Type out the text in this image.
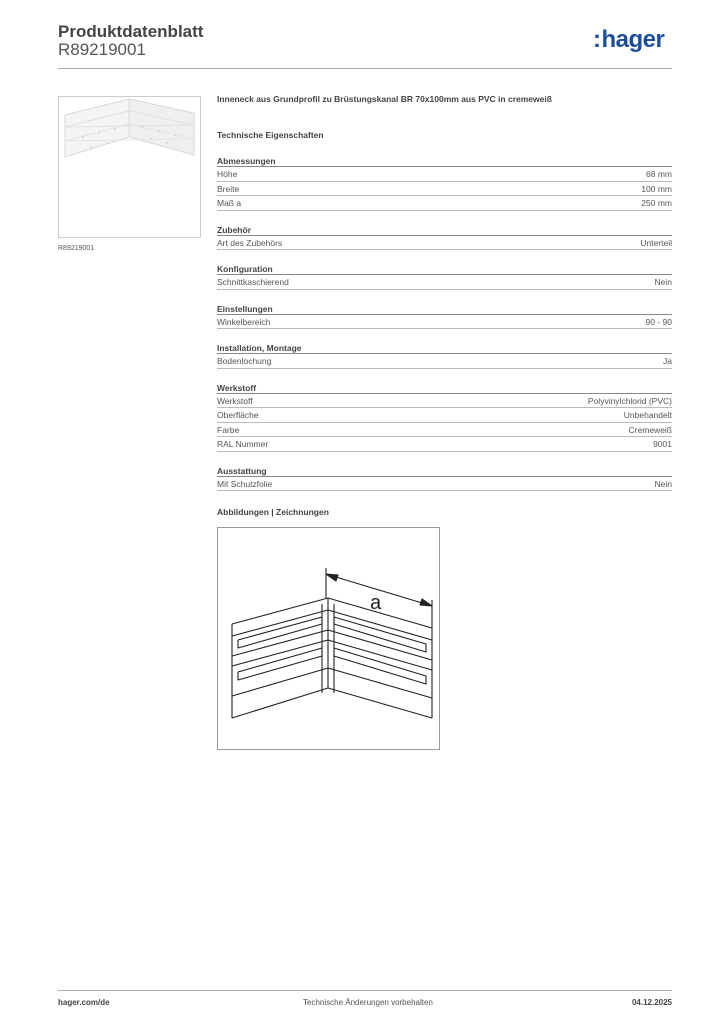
Produktdatenblatt
R89219001	:hager
R89219001
Inneneck aus Grundprofil zu Brüstungskanal BR 70x100mm aus PVC in cremeweiß
Technische Eigenschaften
Abmessungen
Höhe	68 mm
Breite	100 mm
Maß a	250 mm
Zubehör
Art des Zubehörs	Unterteil
Konfiguration
Schnittkaschierend	Nein
Einstellungen
Winkelbereich	90 - 90
Installation, Montage
Bodenlochung	Ja
Werkstoff
Werkstoff	Polyvinylchlorid (PVC)
Oberfläche	Unbehandelt
Farbe	Cremeweiß
RAL Nummer	9001
Ausstattung
Mit Schutzfolie	Nein
Abbildungen | Zeichnungen
a
hager.com/de	Technische Änderungen vorbehalten	04.12.2025
